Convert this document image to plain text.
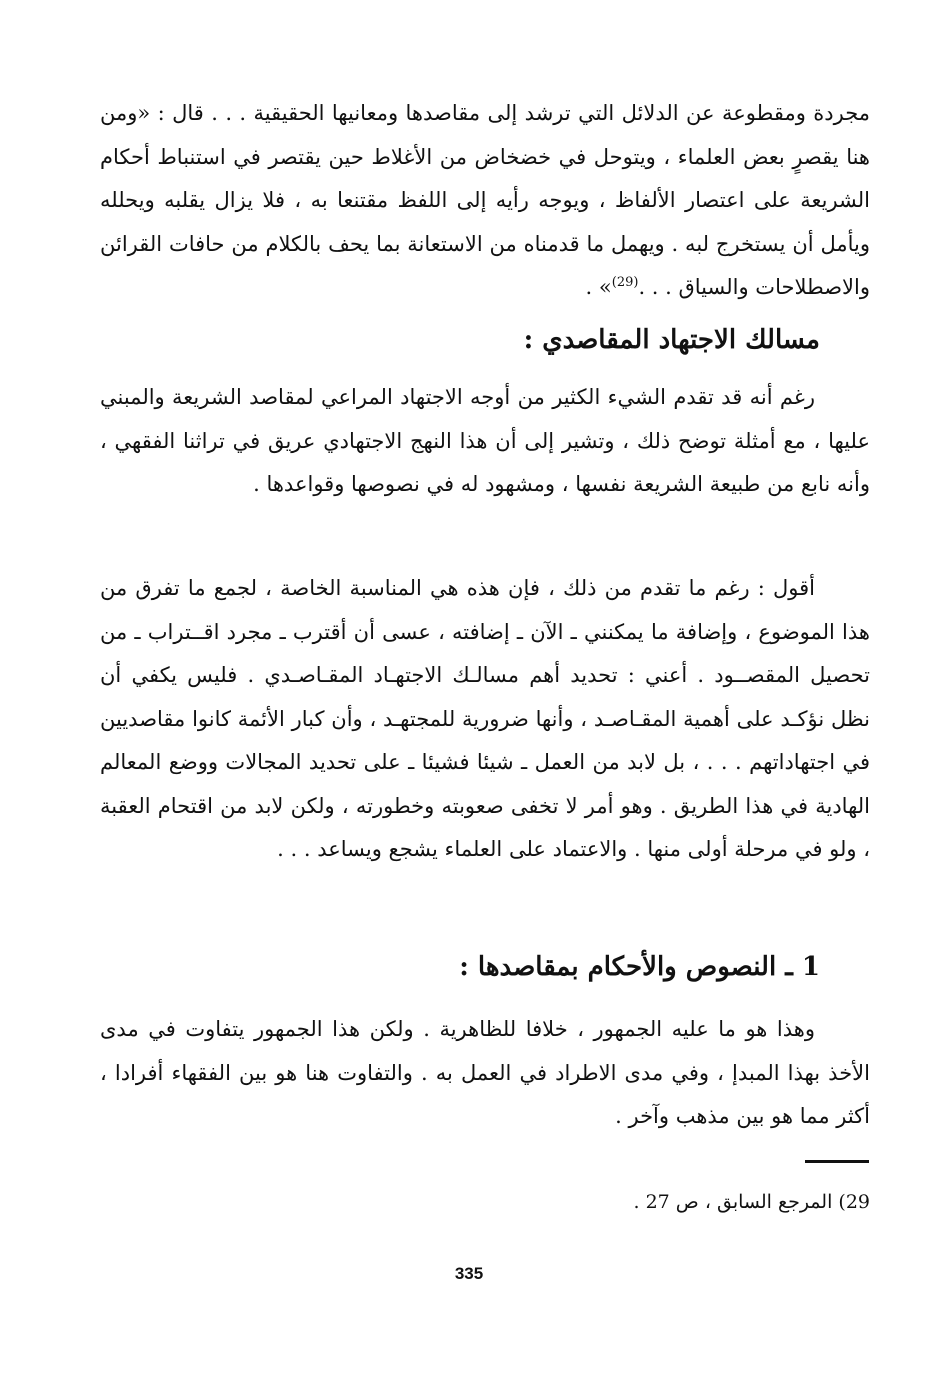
مجردة ومقطوعة عن الدلائل التي ترشد إلى مقاصدها ومعانيها الحقيقية . . . قال : «ومن هنا يقصرٍ بعض العلماء ، ويتوحل في خضخاض من الأغلاط حين يقتصر في استنباط أحكام الشريعة على اعتصار الألفاظ ، ويوجه رأيه إلى اللفظ مقتنعا به ، فلا يزال يقلبه ويحلله ويأمل أن يستخرج لبه . ويهمل ما قدمناه من الاستعانة بما يحف بالكلام من حافات القرائن والاصطلاحات والسياق . . .$^{(29)}$» .
مسالك الاجتهاد المقاصدي :
رغم أنه قد تقدم الشيء الكثير من أوجه الاجتهاد المراعي لمقاصد الشريعة والمبني عليها ، مع أمثلة توضح ذلك ، وتشير إلى أن هذا النهج الاجتهادي عريق في تراثنا الفقهي ، وأنه نابع من طبيعة الشريعة نفسها ، ومشهود له في نصوصها وقواعدها .
أقول : رغم ما تقدم من ذلك ، فإن هذه هي المناسبة الخاصة ، لجمع ما تفرق من هذا الموضوع ، وإضافة ما يمكنني ـ الآن ـ إضافته ، عسى أن أقترب ـ مجرد اقــتراب ـ من تحصيل المقصــود . أعني : تحديد أهم مسالـك الاجتهـاد المقـاصـدي . فليس يكفي أن نظل نؤكـد على أهمية المقـاصـد ، وأنها ضرورية للمجتهـد ، وأن كبار الأئمة كانوا مقاصديين في اجتهاداتهم . . . ، بل لابد من العمل ـ شيئا فشيئا ـ على تحديد المجالات ووضع المعالم الهادية في هذا الطريق . وهو أمر لا تخفى صعوبته وخطورته ، ولكن لابد من اقتحام العقبة ، ولو في مرحلة أولى منها . والاعتماد على العلماء يشجع ويساعد . . .
1 ـ النصوص والأحكام بمقاصدها :
وهذا هو ما عليه الجمهور ، خلافا للظاهرية . ولكن هذا الجمهور يتفاوت في مدى الأخذ بهذا المبدإ ، وفي مدى الاطراد في العمل به . والتفاوت هنا هو بين الفقهاء أفرادا ، أكثر مما هو بين مذهب وآخر .
29) المرجع السابق ، ص 27 .
335
